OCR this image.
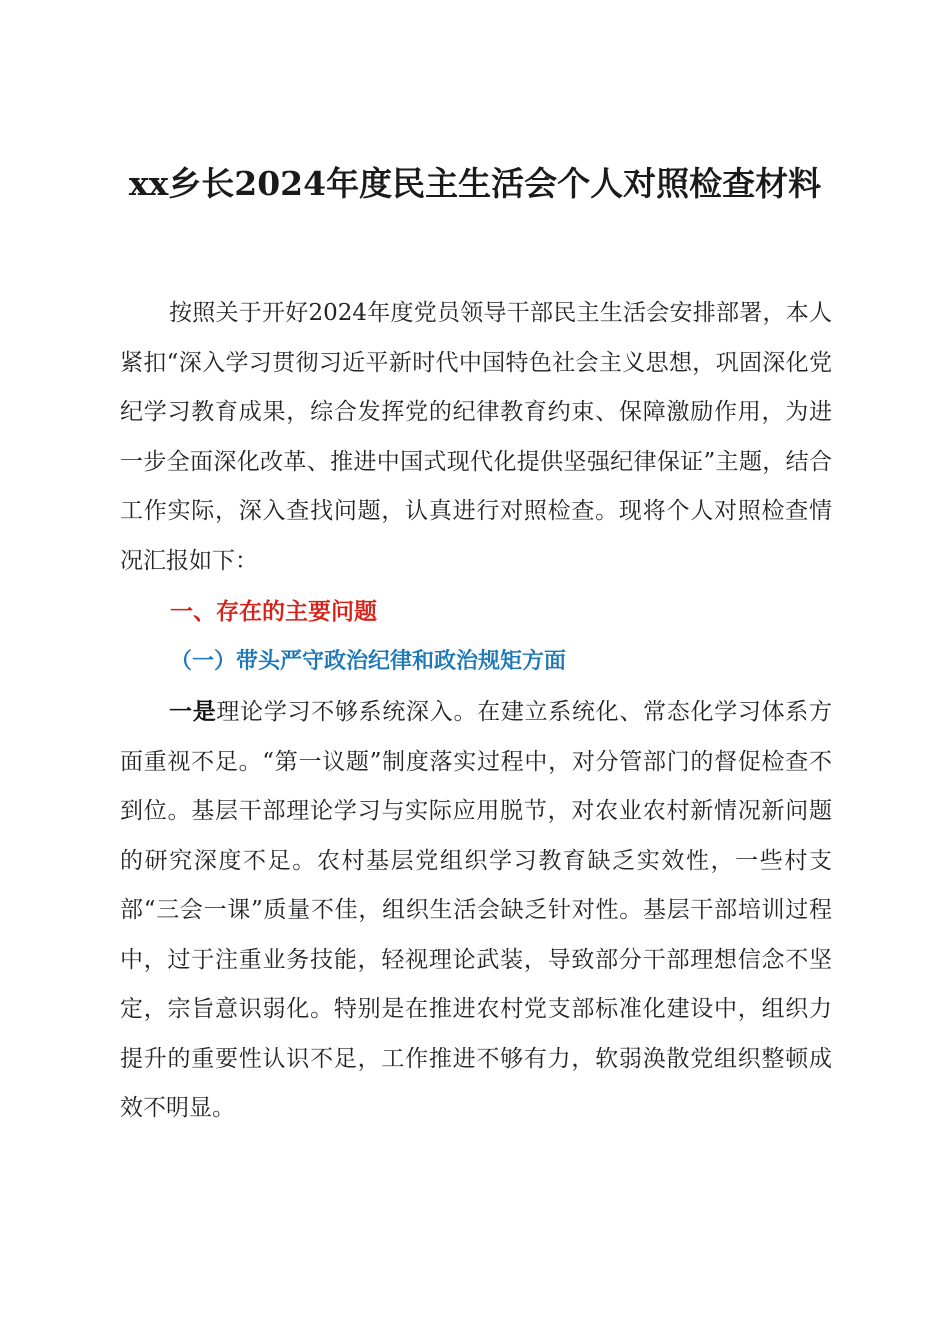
xx乡长2024年度民主生活会个人对照检查材料

按照关于开好2024年度党员领导干部民主生活会安排部署，本人紧扣“深入学习贯彻习近平新时代中国特色社会主义思想，巩固深化党纪学习教育成果，综合发挥党的纪律教育约束、保障激励作用，为进一步全面深化改革、推进中国式现代化提供坚强纪律保证”主题，结合工作实际，深入查找问题，认真进行对照检查。现将个人对照检查情况汇报如下：

一、存在的主要问题
（一）带头严守政治纪律和政治规矩方面

一是理论学习不够系统深入。在建立系统化、常态化学习体系方面重视不足。“第一议题”制度落实过程中，对分管部门的督促检查不到位。基层干部理论学习与实际应用脱节，对农业农村新情况新问题的研究深度不足。农村基层党组织学习教育缺乏实效性，一些村支部“三会一课”质量不佳，组织生活会缺乏针对性。基层干部培训过程中，过于注重业务技能，轻视理论武装，导致部分干部理想信念不坚定，宗旨意识弱化。特别是在推进农村党支部标准化建设中，组织力提升的重要性认识不足，工作推进不够有力，软弱涣散党组织整顿成效不明显。
